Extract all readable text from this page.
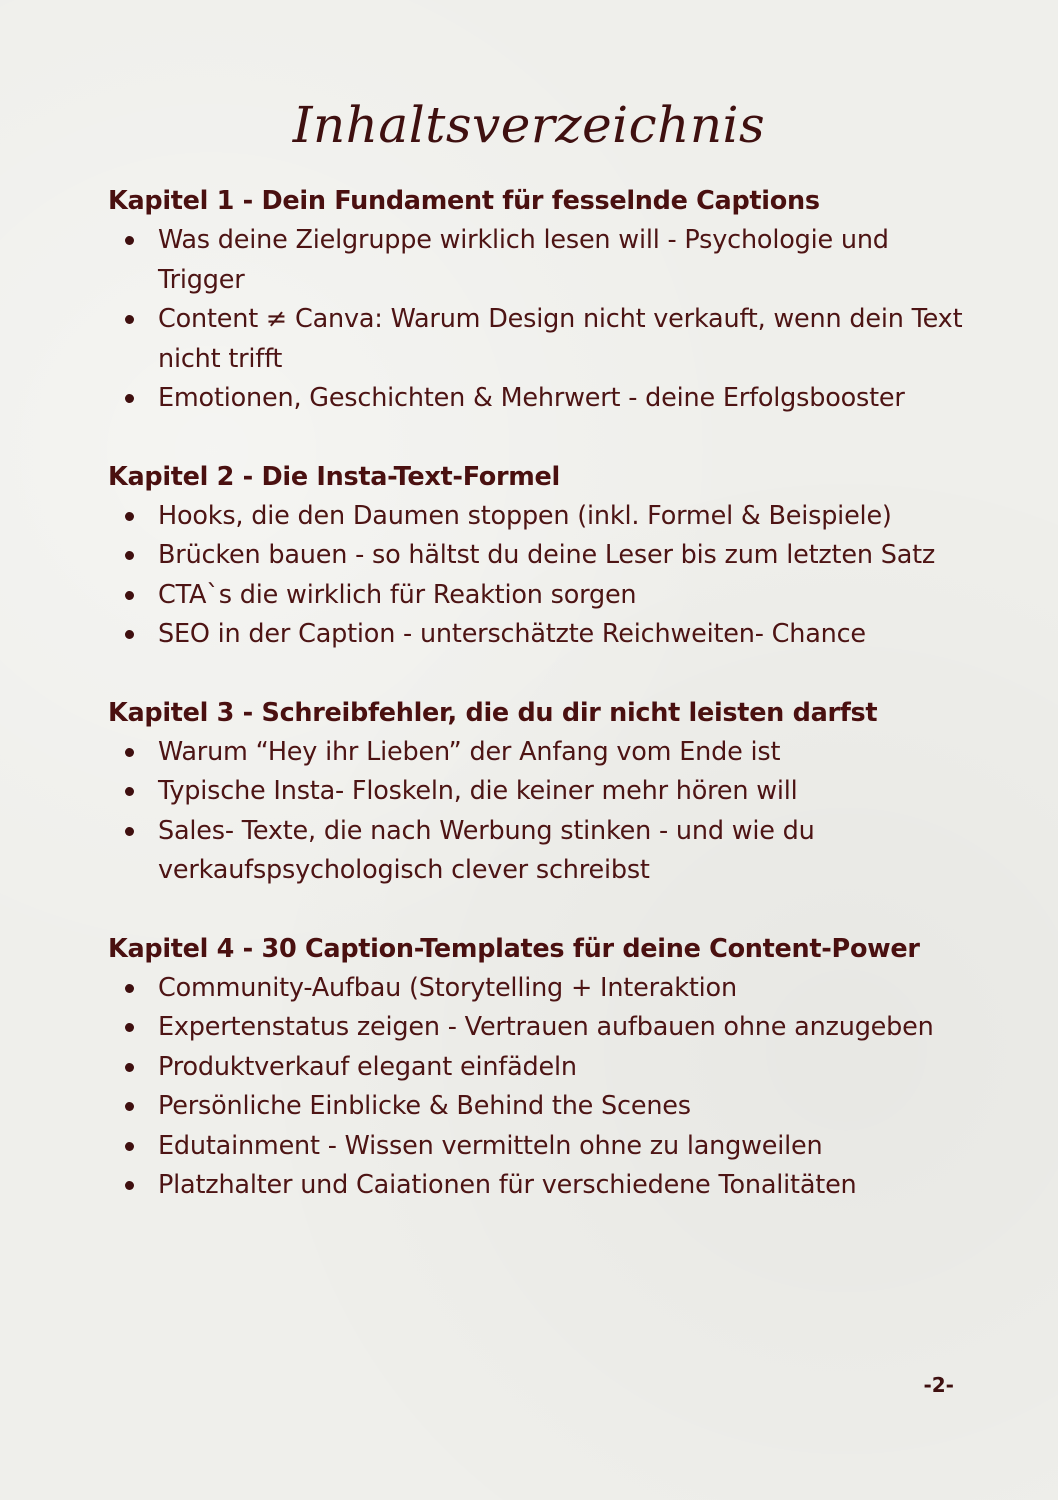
Inhaltsverzeichnis
Kapitel 1 - Dein Fundament für fesselnde Captions
Was deine Zielgruppe wirklich lesen will - Psychologie und Trigger
Content ≠ Canva: Warum Design nicht verkauft, wenn dein Text nicht trifft
Emotionen, Geschichten & Mehrwert - deine Erfolgsbooster
Kapitel 2 - Die Insta-Text-Formel
Hooks, die den Daumen stoppen (inkl. Formel & Beispiele)
Brücken bauen - so hältst du deine Leser bis zum letzten Satz
CTA`s die wirklich für Reaktion sorgen
SEO in der Caption - unterschätzte Reichweiten- Chance
Kapitel 3 - Schreibfehler, die du dir nicht leisten darfst
Warum “Hey ihr Lieben” der Anfang vom Ende ist
Typische Insta- Floskeln, die keiner mehr hören will
Sales- Texte, die nach Werbung stinken - und wie du verkaufspsychologisch clever schreibst
Kapitel 4 - 30 Caption-Templates für deine Content-Power
Community-Aufbau (Storytelling + Interaktion
Expertenstatus zeigen - Vertrauen aufbauen ohne anzugeben
Produktverkauf elegant einfädeln
Persönliche Einblicke & Behind the Scenes
Edutainment - Wissen vermitteln ohne zu langweilen
Platzhalter und Caiationen für verschiedene Tonalitäten
-2-
